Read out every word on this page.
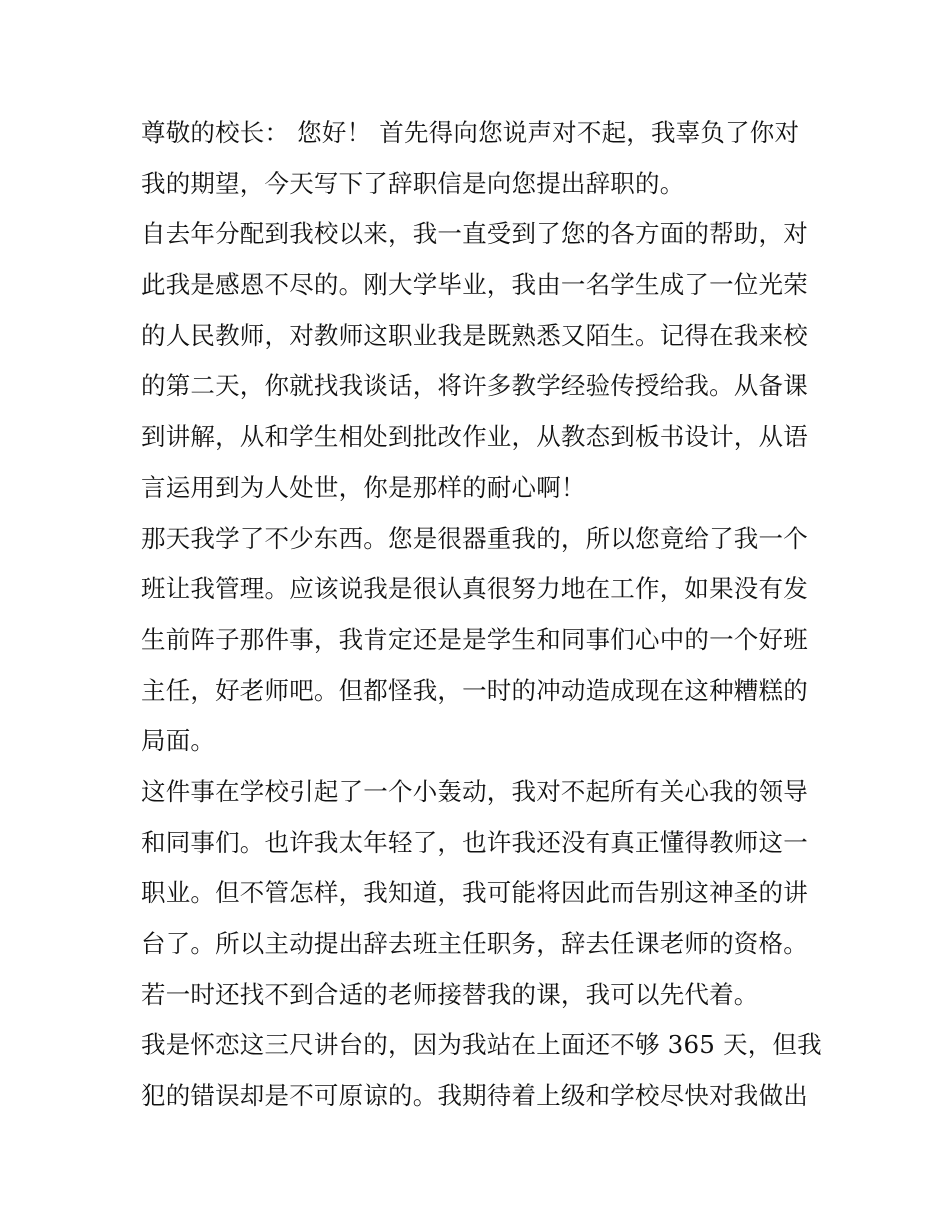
尊敬的校长： 您好！ 首先得向您说声对不起，我辜负了你对
我的期望，今天写下了辞职信是向您提出辞职的。
自去年分配到我校以来，我一直受到了您的各方面的帮助，对
此我是感恩不尽的。刚大学毕业，我由一名学生成了一位光荣
的人民教师，对教师这职业我是既熟悉又陌生。记得在我来校
的第二天，你就找我谈话，将许多教学经验传授给我。从备课
到讲解，从和学生相处到批改作业，从教态到板书设计，从语
言运用到为人处世，你是那样的耐心啊！
那天我学了不少东西。您是很器重我的，所以您竟给了我一个
班让我管理。应该说我是很认真很努力地在工作，如果没有发
生前阵子那件事，我肯定还是是学生和同事们心中的一个好班
主任，好老师吧。但都怪我，一时的冲动造成现在这种糟糕的
局面。
这件事在学校引起了一个小轰动，我对不起所有关心我的领导
和同事们。也许我太年轻了，也许我还没有真正懂得教师这一
职业。但不管怎样，我知道，我可能将因此而告别这神圣的讲
台了。所以主动提出辞去班主任职务，辞去任课老师的资格。
若一时还找不到合适的老师接替我的课，我可以先代着。
我是怀恋这三尺讲台的，因为我站在上面还不够 365 天，但我
犯的错误却是不可原谅的。我期待着上级和学校尽快对我做出
